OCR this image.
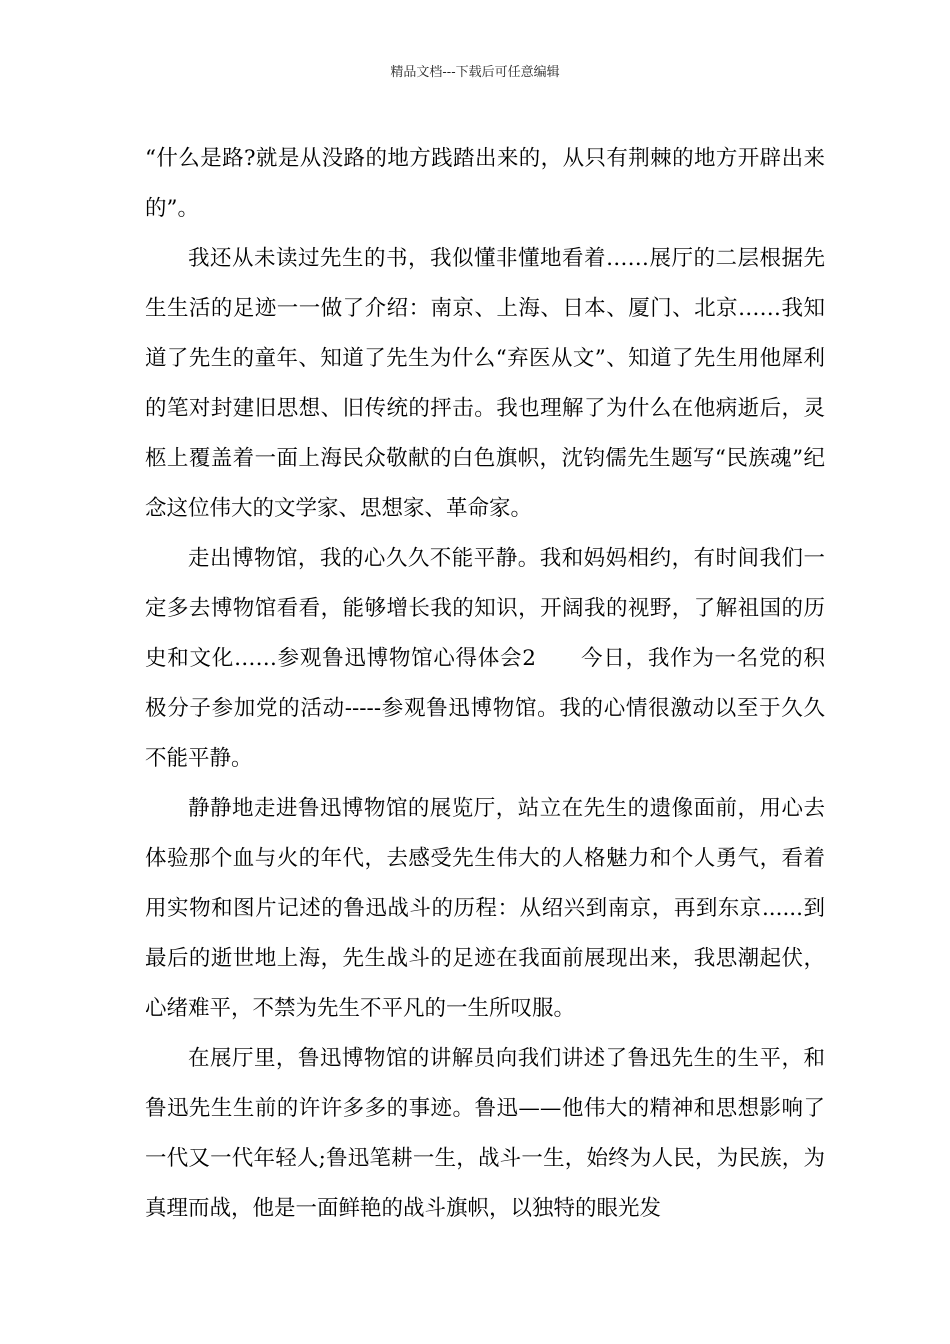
精品文档---下载后可任意编辑

“什么是路?就是从没路的地方践踏出来的，从只有荆棘的地方开辟出来的”。

我还从未读过先生的书，我似懂非懂地看着……展厅的二层根据先生生活的足迹一一做了介绍：南京、上海、日本、厦门、北京……我知道了先生的童年、知道了先生为什么“弃医从文”、知道了先生用他犀利的笔对封建旧思想、旧传统的抨击。我也理解了为什么在他病逝后，灵柩上覆盖着一面上海民众敬献的白色旗帜，沈钧儒先生题写“民族魂”纪念这位伟大的文学家、思想家、革命家。

走出博物馆，我的心久久不能平静。我和妈妈相约，有时间我们一定多去博物馆看看，能够增长我的知识，开阔我的视野，了解祖国的历史和文化……参观鲁迅博物馆心得体会2　　今日，我作为一名党的积极分子参加党的活动-----参观鲁迅博物馆。我的心情很激动以至于久久不能平静。

静静地走进鲁迅博物馆的展览厅，站立在先生的遗像面前，用心去体验那个血与火的年代，去感受先生伟大的人格魅力和个人勇气，看着用实物和图片记述的鲁迅战斗的历程：从绍兴到南京，再到东京......到最后的逝世地上海，先生战斗的足迹在我面前展现出来，我思潮起伏，心绪难平，不禁为先生不平凡的一生所叹服。

在展厅里，鲁迅博物馆的讲解员向我们讲述了鲁迅先生的生平，和鲁迅先生生前的许许多多的事迹。鲁迅——他伟大的精神和思想影响了一代又一代年轻人;鲁迅笔耕一生，战斗一生，始终为人民，为民族，为真理而战，他是一面鲜艳的战斗旗帜，以独特的眼光发
